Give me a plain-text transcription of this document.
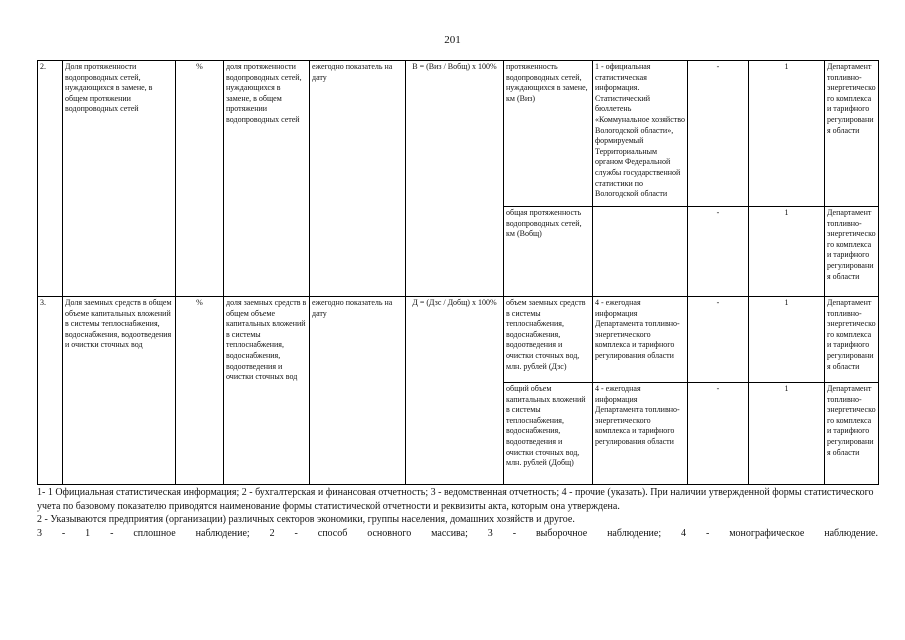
201
2.	Доля протяженности водопроводных сетей, нуждающихся в замене, в общем протяжении водопроводных сетей	%	доля протяженности водопроводных сетей, нуждающихся в замене, в общем протяжении водопроводных сетей	ежегодно показатель на дату	В = (Виз / Вобщ) х 100%	протяженность водопроводных сетей, нуждающихся в замене, км (Виз)	1 - официальная статистическая информация. Статистический бюллетень «Коммунальное хозяйство Вологодской области», формируемый Территориальным органом Федеральной службы государственной статистики по Вологодской области	-	1	Департамент топливно-энергетического комплекса и тарифного регулирования области
						общая протяженность водопроводных сетей, км (Вобщ)		-	1	Департамент топливно-энергетического комплекса и тарифного регулирования области
3.	Доля заемных средств в общем объеме капитальных вложений в системы теплоснабжения, водоснабжения, водоотведения и очистки сточных вод	%	доля заемных средств в общем объеме капитальных вложений в системы теплоснабжения, водоснабжения, водоотведения и очистки сточных вод	ежегодно показатель на дату	Д = (Дзс / Добщ) х 100%	объем заемных средств в системы теплоснабжения, водоснабжения, водоотведения и очистки сточных вод, млн. рублей (Дзс)	4 - ежегодная информация Департамента топливно-энергетического комплекса и тарифного регулирования области	-	1	Департамент топливно-энергетического комплекса и тарифного регулирования области
						общий объем капитальных вложений в системы теплоснабжения, водоснабжения, водоотведения и очистки сточных вод, млн. рублей (Добщ)	4 - ежегодная информация Департамента топливно-энергетического комплекса и тарифного регулирования области	-	1	Департамент топливно-энергетического комплекса и тарифного регулирования области

1- 1 Официальная статистическая информация; 2 - бухгалтерская и финансовая отчетность; 3 - ведомственная отчетность; 4 - прочие (указать). При наличии утвержденной формы статистического учета по базовому показателю приводятся наименование формы статистической отчетности и реквизиты акта, которым она утверждена.

2 - Указываются предприятия (организации) различных секторов экономики, группы населения, домашних хозяйств и другое.

3 - 1 - сплошное наблюдение; 2 - способ основного массива; 3 - выборочное наблюдение; 4 - монографическое наблюдение.
